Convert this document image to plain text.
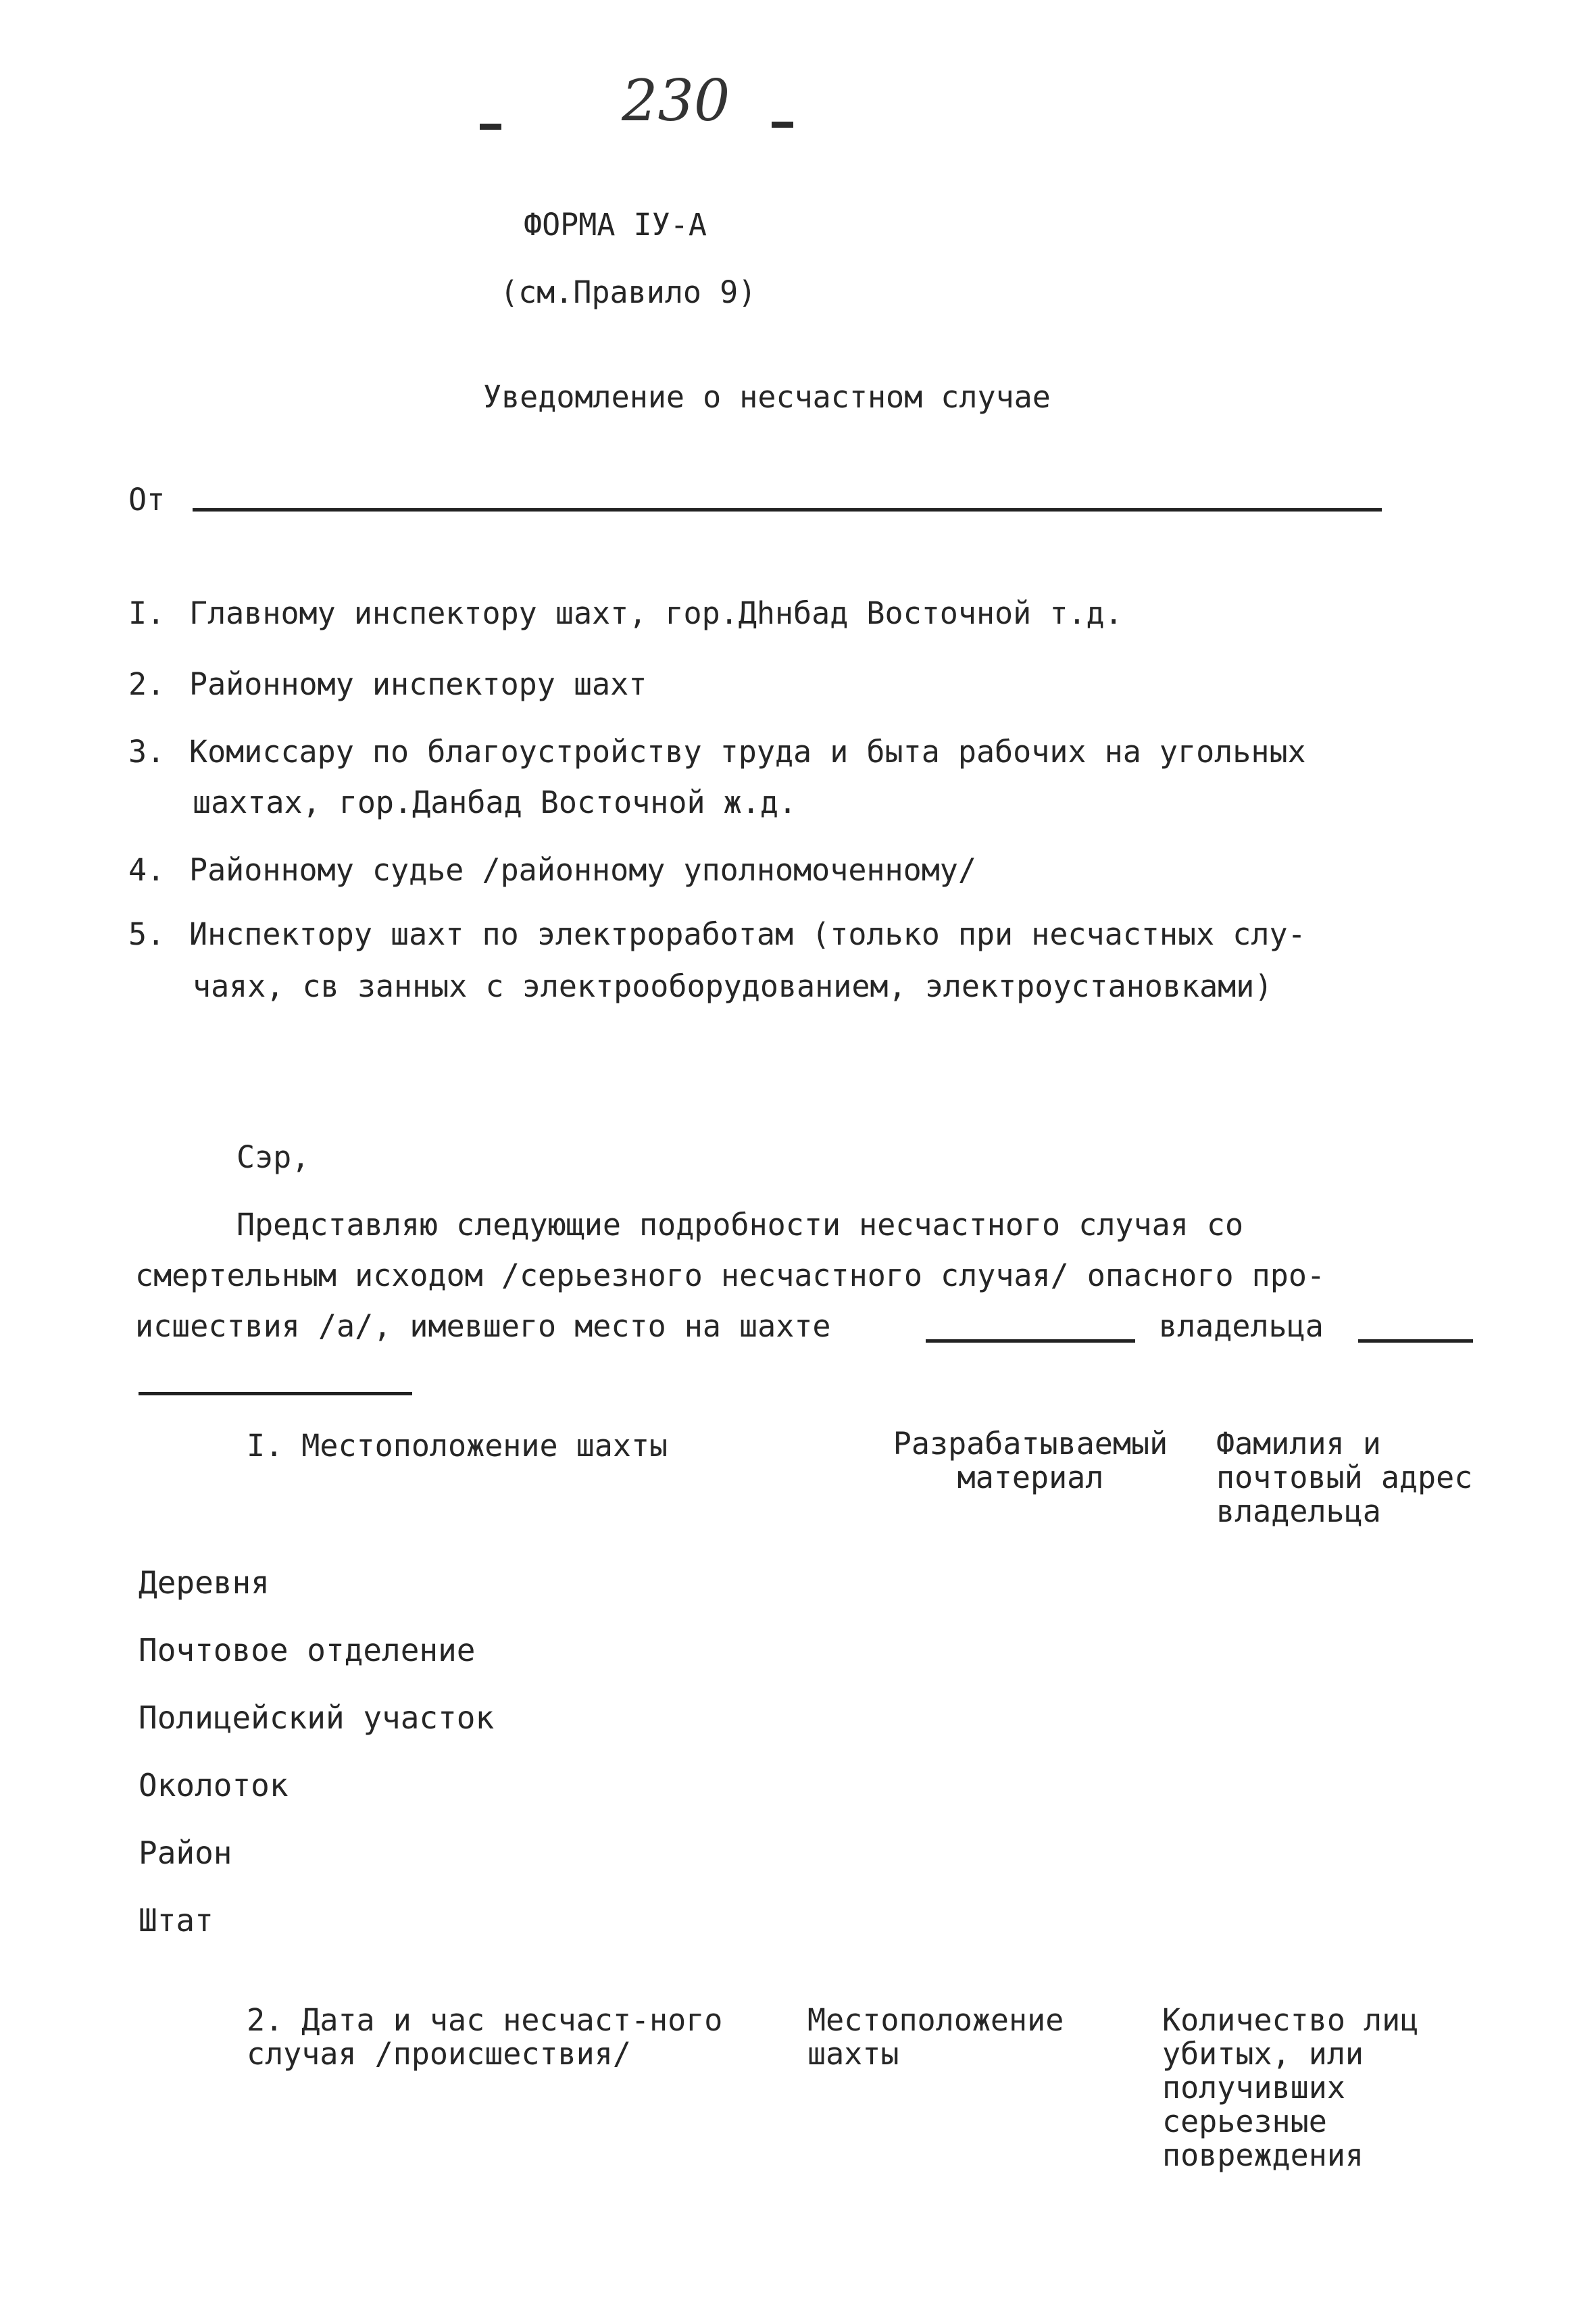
230
ФОРМА IУ-А
(см.Правило 9)
Уведомление о несчастном случае
От
I. Главному инспектору шахт, гор.Дhнбад Восточной т.д.
2. Районному инспектору шахт
3. Комиссару по благоустройству труда и быта рабочих на угольных
шахтах, гор.Данбад Восточной ж.д.
4. Районному судье /районному уполномоченному/
5. Инспектору шахт по электроработам (только при несчастных слу-
чаях, св занных с электрооборудованием, электроустановками)
Сэр,
Представляю следующие подробности несчастного случая со
смертельным исходом /серьезного несчастного случая/ опасного про-
исшествия /а/, имевшего место на шахте	владельца
I. Местоположение шахты	Разрабатываемый материал
Фамилия и почтовый адрес владельца
Деревня
Почтовое отделение
Полицейский участок
Околоток
Район
Штат
2. Дата и час несчаст-ного случая /происшествия/
Местоположение шахты
Количество лиц убитых, или получивших серьезные повреждения
